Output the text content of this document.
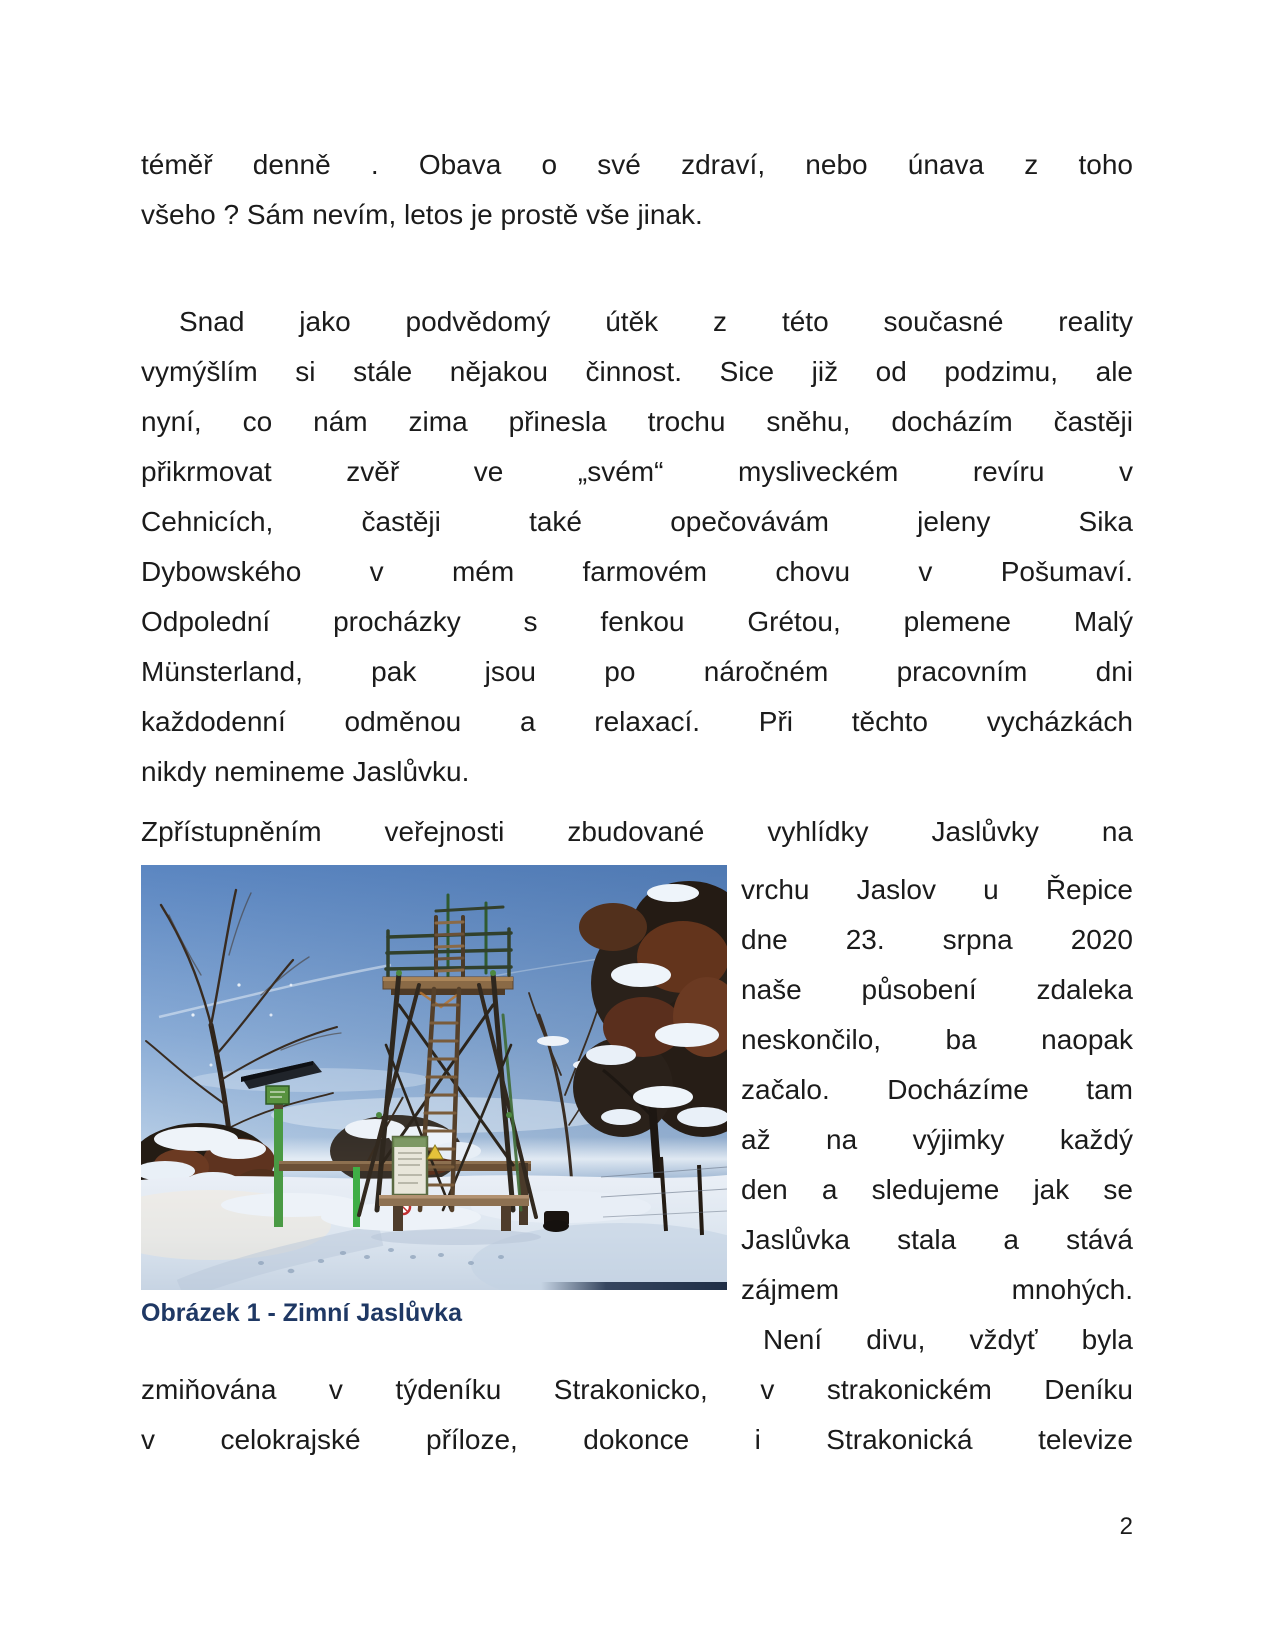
téměř denně . Obava o své zdraví, nebo únava z toho
všeho ? Sám nevím, letos je prostě vše jinak.
Snad jako podvědomý útěk z této současné reality
vymýšlím si stále nějakou činnost. Sice již od podzimu, ale
nyní, co nám zima přinesla trochu sněhu, docházím častěji
přikrmovat zvěř ve „svém“ mysliveckém revíru v
Cehnicích, častěji také opečovávám jeleny Sika
Dybowského v mém farmovém chovu v Pošumaví.
Odpolední procházky s fenkou Grétou, plemene Malý
Münsterland, pak jsou po náročném pracovním dni
každodenní odměnou a relaxací. Při těchto vycházkách
nikdy nemineme Jaslůvku.
Zpřístupněním veřejnosti zbudované vyhlídky Jaslůvky na
Obrázek 1 - Zimní Jaslůvka
vrchu Jaslov u Řepice
dne 23. srpna 2020
naše působení zdaleka
neskončilo, ba naopak
začalo. Docházíme tam
až na výjimky každý
den a sledujeme jak se
Jaslůvka stala a stává
zájmem mnohých.
Není divu, vždyť byla
zmiňována v týdeníku Strakonicko, v strakonickém Deníku
v celokrajské příloze, dokonce i Strakonická televize
2
